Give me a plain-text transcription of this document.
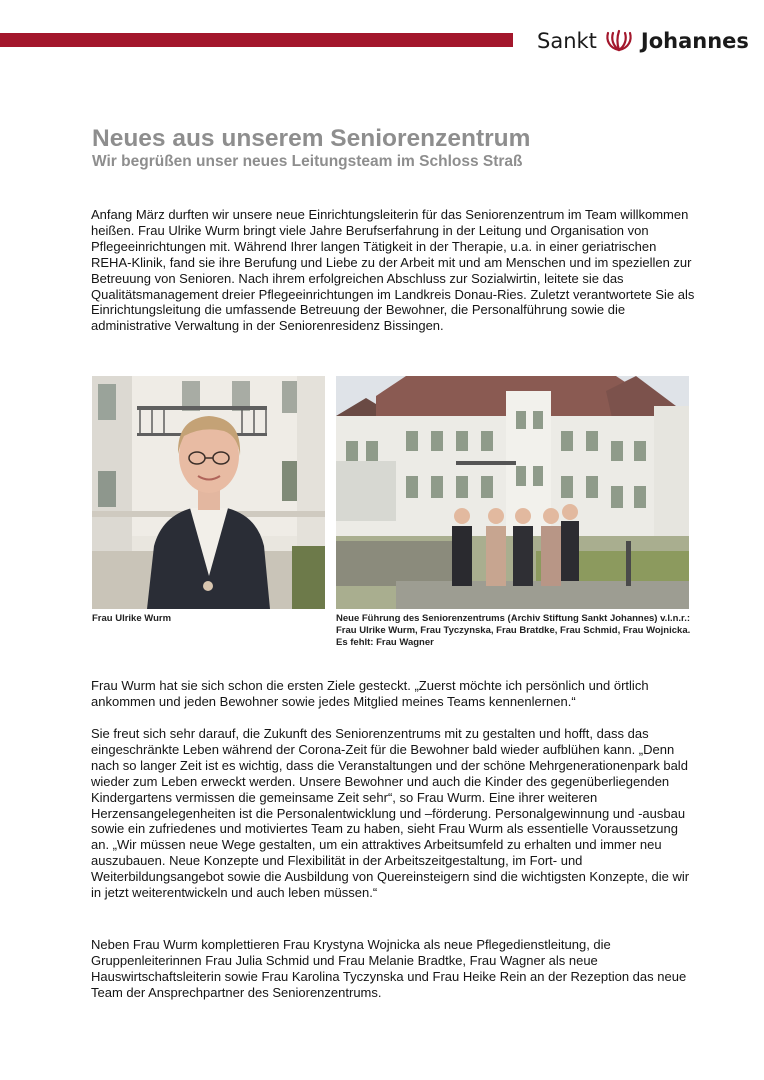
Sankt Johannes
Neues aus unserem Seniorenzentrum
Wir begrüßen unser neues Leitungsteam im Schloss Straß

Anfang März durften wir unsere neue Einrichtungsleiterin für das Seniorenzentrum im Team willkommen heißen. Frau Ulrike Wurm bringt viele Jahre Berufserfahrung in der Leitung und Organisation von Pflegeeinrichtungen mit. Während Ihrer langen Tätigkeit in der Therapie, u.a. in einer geriatrischen REHA-Klinik, fand sie ihre Berufung und Liebe zu der Arbeit mit und am Menschen und im speziellen zur Betreuung von Senioren. Nach ihrem erfolgreichen Abschluss zur Sozialwirtin, leitete sie das Qualitätsmanagement dreier Pflegeeinrichtungen im Landkreis Donau-Ries. Zuletzt verantwortete Sie als Einrichtungsleitung die umfassende Betreuung der Bewohner, die Personalführung sowie die administrative Verwaltung in der Seniorenresidenz Bissingen.

Frau Ulrike Wurm	Neue Führung des Seniorenzentrums (Archiv Stiftung Sankt Johannes) v.l.n.r.: Frau Ulrike Wurm, Frau Tyczynska, Frau Bratdke, Frau Schmid, Frau Wojnicka. Es fehlt: Frau Wagner

Frau Wurm hat sie sich schon die ersten Ziele gesteckt. „Zuerst möchte ich persönlich und örtlich ankommen und jeden Bewohner sowie jedes Mitglied meines Teams kennenlernen.“

Sie freut sich sehr darauf, die Zukunft des Seniorenzentrums mit zu gestalten und hofft, dass das eingeschränkte Leben während der Corona-Zeit für die Bewohner bald wieder aufblühen kann. „Denn nach so langer Zeit ist es wichtig, dass die Veranstaltungen und der schöne Mehrgenerationenpark bald wieder zum Leben erweckt werden. Unsere Bewohner und auch die Kinder des gegenüberliegenden Kindergartens vermissen die gemeinsame Zeit sehr“, so Frau Wurm. Eine ihrer weiteren Herzensangelegenheiten ist die Personalentwicklung und –förderung. Personalgewinnung und -ausbau sowie ein zufriedenes und motiviertes Team zu haben, sieht Frau Wurm als essentielle Voraussetzung an. „Wir müssen neue Wege gestalten, um ein attraktives Arbeitsumfeld zu erhalten und immer neu auszubauen. Neue Konzepte und Flexibilität in der Arbeitszeitgestaltung, im Fort- und Weiterbildungsangebot sowie die Ausbildung von Quereinsteigern sind die wichtigsten Konzepte, die wir in jetzt weiterentwickeln und auch leben müssen.“

Neben Frau Wurm komplettieren Frau Krystyna Wojnicka als neue Pflegedienstleitung, die Gruppenleiterinnen Frau Julia Schmid und Frau Melanie Bradtke, Frau Wagner als neue Hauswirtschaftsleiterin sowie Frau Karolina Tyczynska und Frau Heike Rein an der Rezeption das neue Team der Ansprechpartner des Seniorenzentrums.
